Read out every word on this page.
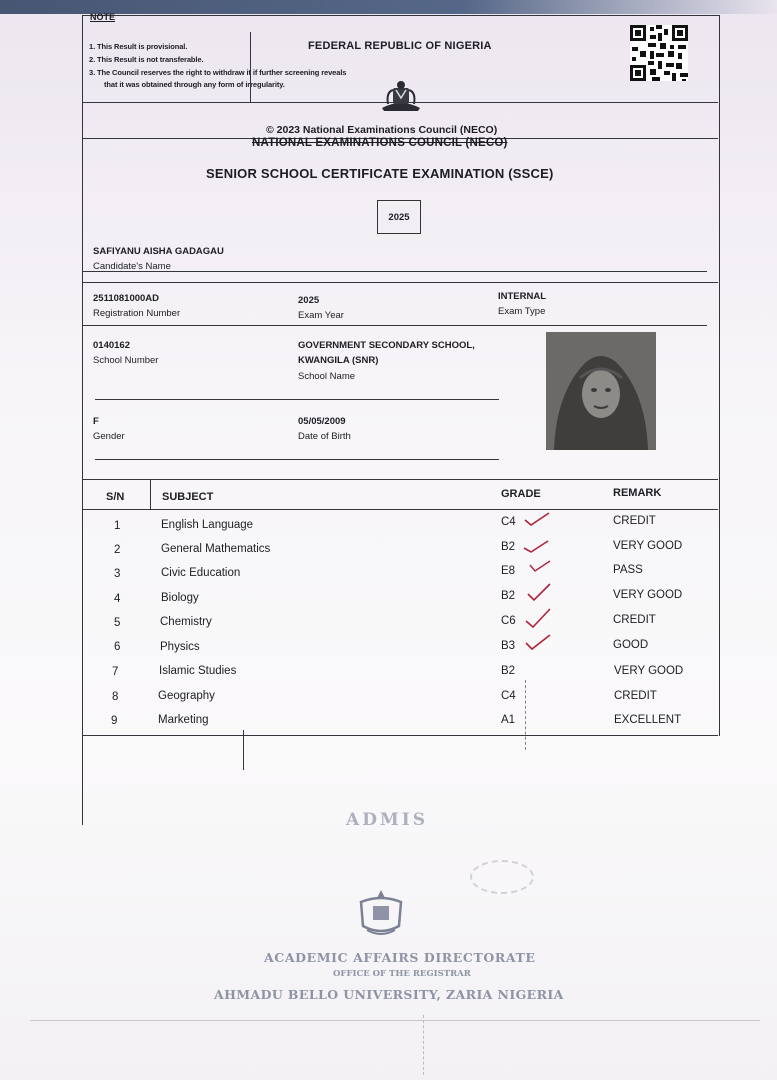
NOTE
1. This Result is provisional.
2. This Result is not transferable.
3. The Council reserves the right to withdraw it if further screening reveals
that it was obtained through any form of irregularity.
FEDERAL REPUBLIC OF NIGERIA
© 2023 National Examinations Council (NECO)
NATIONAL EXAMINATIONS COUNCIL (NECO)
SENIOR SCHOOL CERTIFICATE EXAMINATION (SSCE)
2025
SAFIYANU AISHA GADAGAU
Candidate's Name
2511081000AD
Registration Number
2025
Exam Year
INTERNAL
Exam Type
0140162
School Number
GOVERNMENT SECONDARY SCHOOL,
KWANGILA (SNR)
School Name
F
Gender
05/05/2009
Date of Birth
S/N	SUBJECT	GRADE	REMARK
1	English Language	C4	CREDIT
2	General Mathematics	B2	VERY GOOD
3	Civic Education	E8	PASS
4	Biology	B2	VERY GOOD
5	Chemistry	C6	CREDIT
6	Physics	B3	GOOD
7	Islamic Studies	B2	VERY GOOD
8	Geography	C4	CREDIT
9	Marketing	A1	EXCELLENT
ADMIS
ACADEMIC AFFAIRS DIRECTORATE
OFFICE OF THE REGISTRAR
AHMADU BELLO UNIVERSITY, ZARIA NIGERIA
